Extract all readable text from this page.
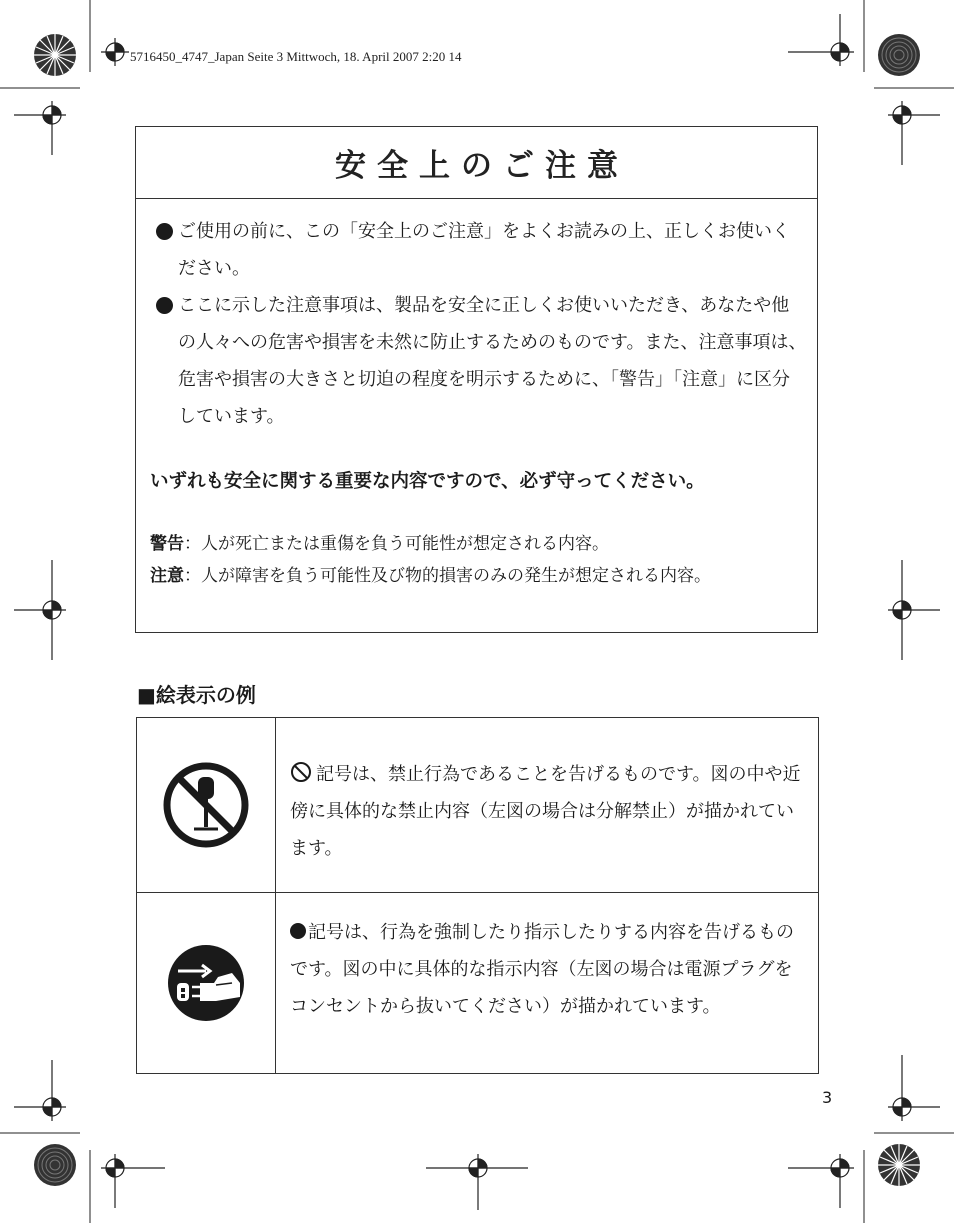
5716450_4747_Japan Seite 3 Mittwoch, 18. April 2007 2:20 14
安全上のご注意
ご使用の前に、この「安全上のご注意」をよくお読みの上、正しくお使いください。
ここに示した注意事項は、製品を安全に正しくお使いいただき、あなたや他の人々への危害や損害を未然に防止するためのものです。また、注意事項は、危害や損害の大きさと切迫の程度を明示するために、「警告」「注意」に区分しています。
いずれも安全に関する重要な内容ですので、必ず守ってください。
警告：人が死亡または重傷を負う可能性が想定される内容。
注意：人が障害を負う可能性及び物的損害のみの発生が想定される内容。
■絵表示の例
記号は、禁止行為であることを告げるものです。図の中や近傍に具体的な禁止内容（左図の場合は分解禁止）が描かれています。
記号は、行為を強制したり指示したりする内容を告げるものです。図の中に具体的な指示内容（左図の場合は電源プラグをコンセントから抜いてください）が描かれています。
3
